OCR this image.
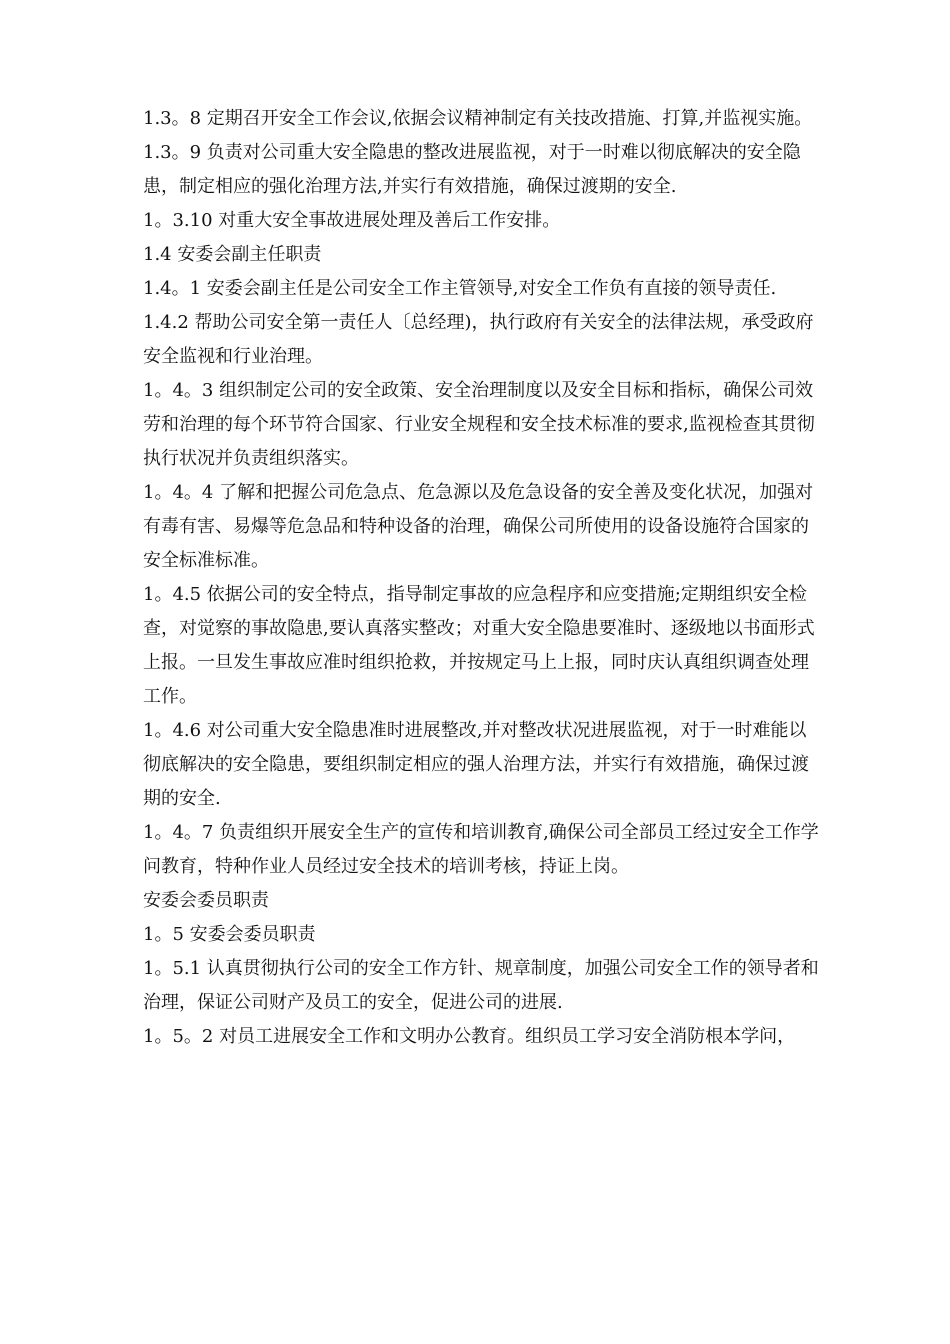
1.3。8 定期召开安全工作会议,依据会议精神制定有关技改措施、打算,并监视实施。

1.3。9 负责对公司重大安全隐患的整改进展监视，对于一时难以彻底解决的安全隐患，制定相应的强化治理方法,并实行有效措施，确保过渡期的安全.

1。3.10 对重大安全事故进展处理及善后工作安排。

1.4 安委会副主任职责

1.4。1 安委会副主任是公司安全工作主管领导,对安全工作负有直接的领导责任.

1.4.2 帮助公司安全第一责任人〔总经理)，执行政府有关安全的法律法规，承受政府安全监视和行业治理。

1。4。3 组织制定公司的安全政策、安全治理制度以及安全目标和指标，确保公司效劳和治理的每个环节符合国家、行业安全规程和安全技术标准的要求,监视检查其贯彻执行状况并负责组织落实。

1。4。4 了解和把握公司危急点、危急源以及危急设备的安全善及变化状况，加强对有毒有害、易爆等危急品和特种设备的治理，确保公司所使用的设备设施符合国家的安全标准标准。

1。4.5 依据公司的安全特点，指导制定事故的应急程序和应变措施;定期组织安全检查，对觉察的事故隐患,要认真落实整改；对重大安全隐患要准时、逐级地以书面形式上报。一旦发生事故应准时组织抢救，并按规定马上上报，同时庆认真组织调查处理工作。

1。4.6 对公司重大安全隐患准时进展整改,并对整改状况进展监视，对于一时难能以彻底解决的安全隐患，要组织制定相应的强人治理方法，并实行有效措施，确保过渡期的安全.

1。4。7 负责组织开展安全生产的宣传和培训教育,确保公司全部员工经过安全工作学问教育，特种作业人员经过安全技术的培训考核，持证上岗。

安委会委员职责

1。5 安委会委员职责

1。5.1 认真贯彻执行公司的安全工作方针、规章制度，加强公司安全工作的领导者和治理，保证公司财产及员工的安全，促进公司的进展.

1。5。2 对员工进展安全工作和文明办公教育。组织员工学习安全消防根本学问，
